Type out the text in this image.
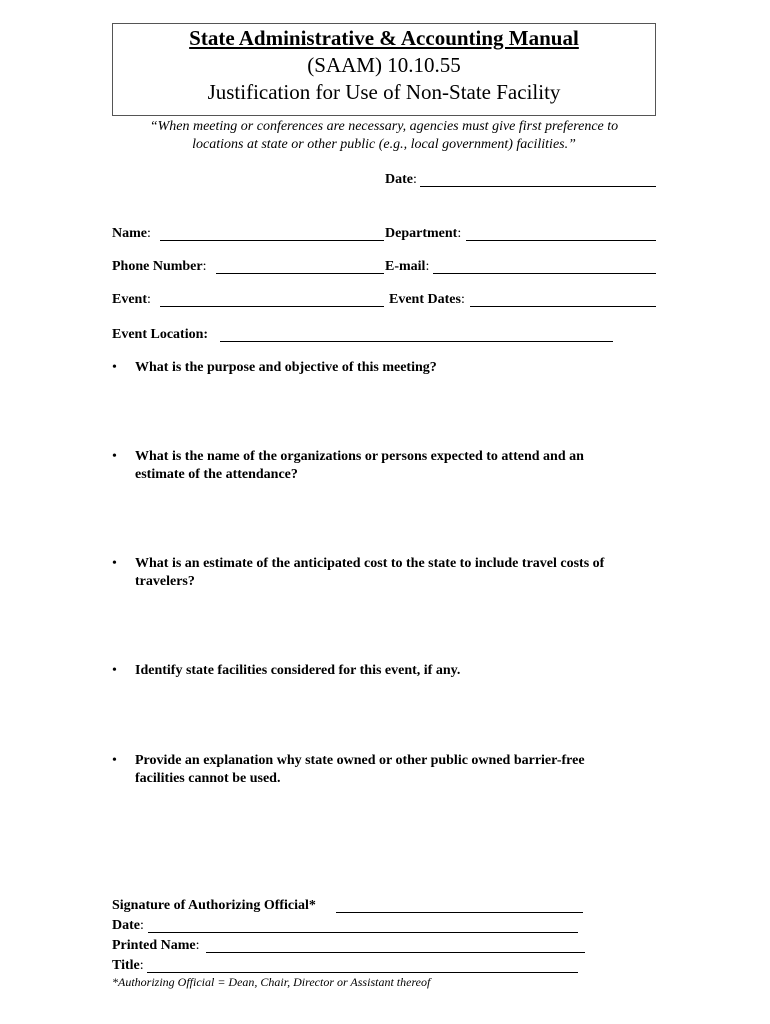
State Administrative & Accounting Manual
(SAAM) 10.10.55
Justification for Use of Non-State Facility
“When meeting or conferences are necessary, agencies must give first preference to
locations at state or other public (e.g., local government) facilities.”
Date:
Name:	Department:
Phone Number:	E-mail:
Event:	Event Dates:
Event Location:
• What is the purpose and objective of this meeting?
• What is the name of the organizations or persons expected to attend and an
estimate of the attendance?
• What is an estimate of the anticipated cost to the state to include travel costs of
travelers?
• Identify state facilities considered for this event, if any.
• Provide an explanation why state owned or other public owned barrier-free
facilities cannot be used.
Signature of Authorizing Official*
Date:
Printed Name:
Title:
*Authorizing Official = Dean, Chair, Director or Assistant thereof
